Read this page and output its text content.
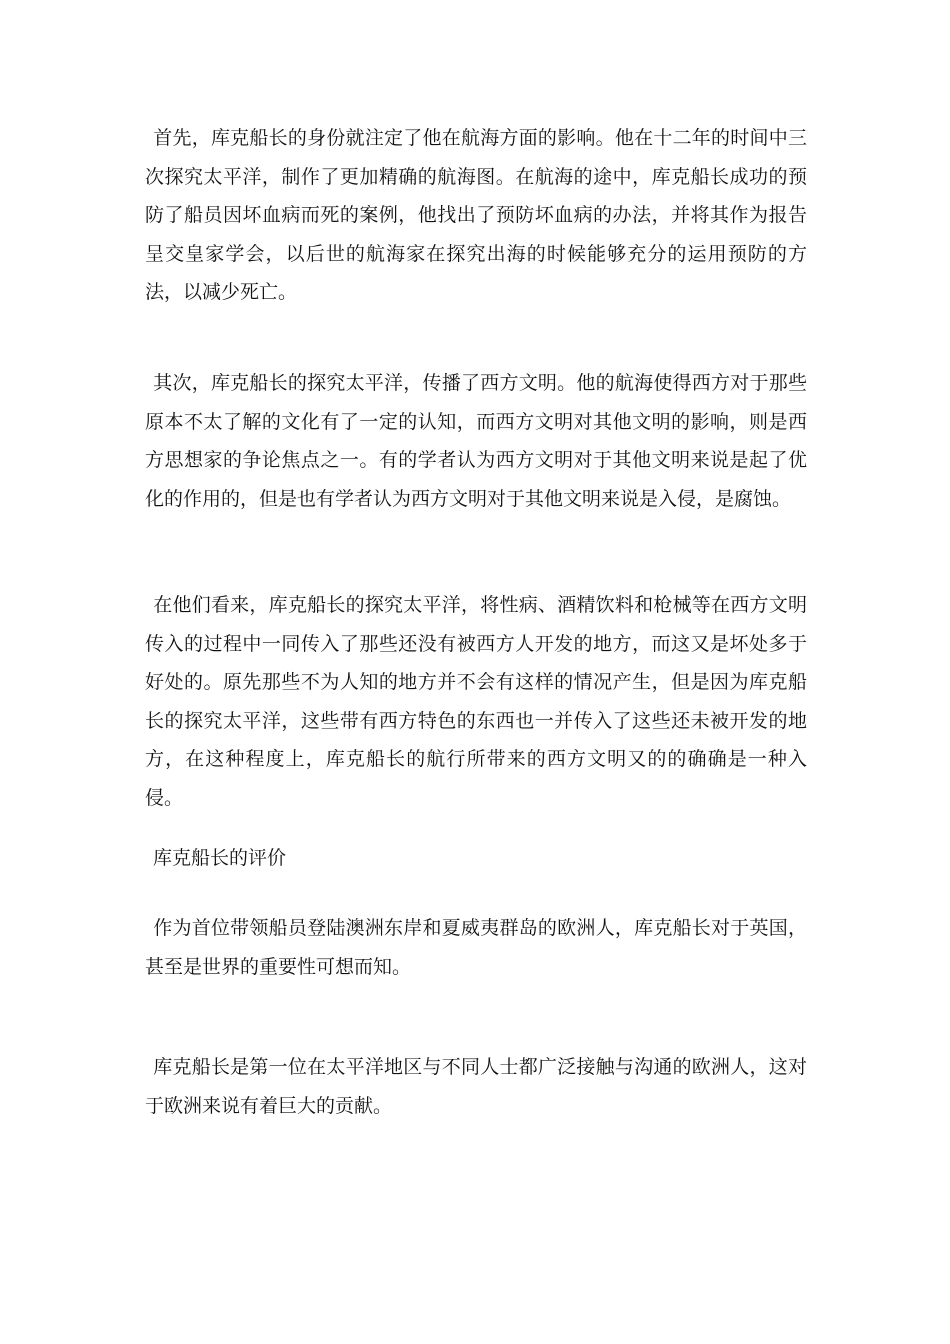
首先，库克船长的身份就注定了他在航海方面的影响。他在十二年的时间中三次探究太平洋，制作了更加精确的航海图。在航海的途中，库克船长成功的预防了船员因坏血病而死的案例，他找出了预防坏血病的办法，并将其作为报告呈交皇家学会，以后世的航海家在探究出海的时候能够充分的运用预防的方法，以减少死亡。

其次，库克船长的探究太平洋，传播了西方文明。他的航海使得西方对于那些原本不太了解的文化有了一定的认知，而西方文明对其他文明的影响，则是西方思想家的争论焦点之一。有的学者认为西方文明对于其他文明来说是起了优化的作用的，但是也有学者认为西方文明对于其他文明来说是入侵，是腐蚀。

在他们看来，库克船长的探究太平洋，将性病、酒精饮料和枪械等在西方文明传入的过程中一同传入了那些还没有被西方人开发的地方，而这又是坏处多于好处的。原先那些不为人知的地方并不会有这样的情况产生，但是因为库克船长的探究太平洋，这些带有西方特色的东西也一并传入了这些还未被开发的地方，在这种程度上，库克船长的航行所带来的西方文明又的的确确是一种入侵。

库克船长的评价

作为首位带领船员登陆澳洲东岸和夏威夷群岛的欧洲人，库克船长对于英国，甚至是世界的重要性可想而知。

库克船长是第一位在太平洋地区与不同人士都广泛接触与沟通的欧洲人，这对于欧洲来说有着巨大的贡献。
